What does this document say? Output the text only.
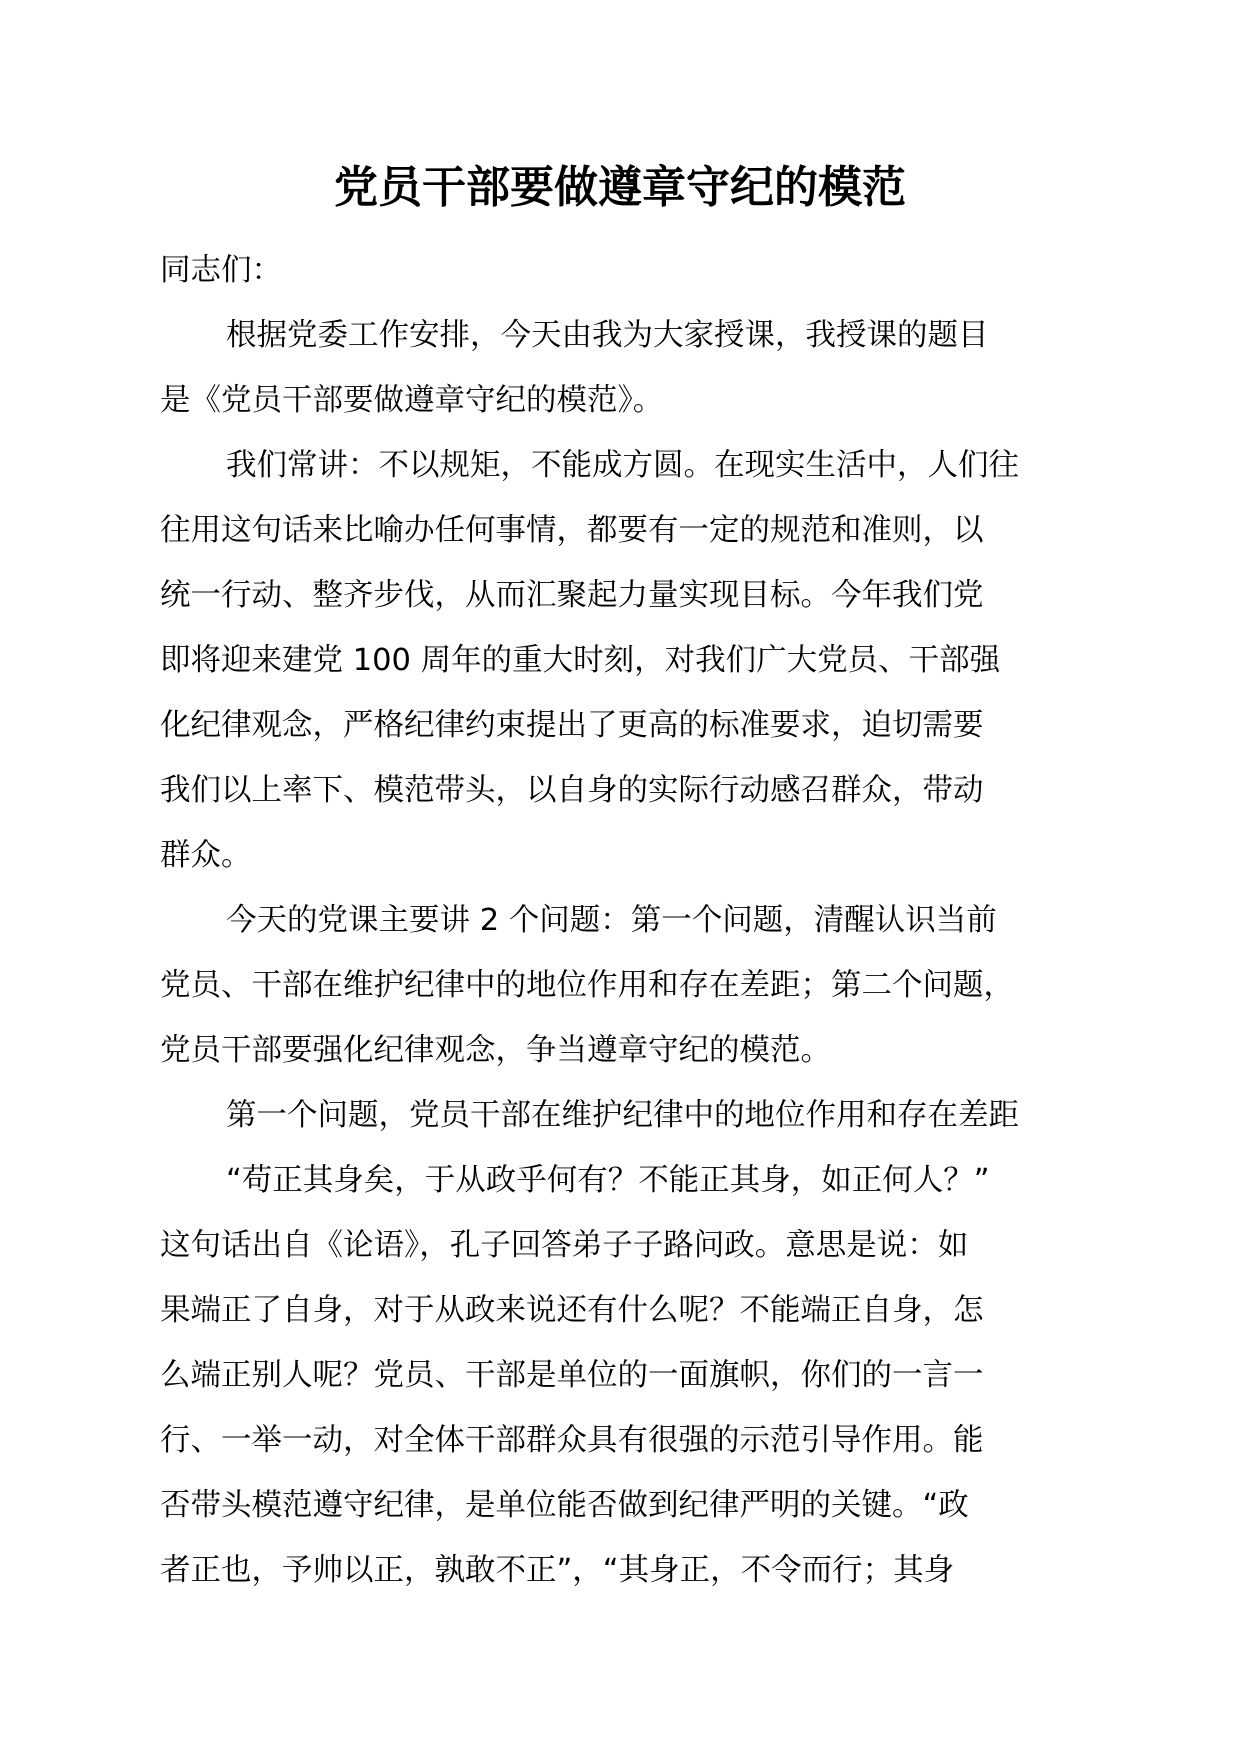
党员干部要做遵章守纪的模范
同志们：
根据党委工作安排，今天由我为大家授课，我授课的题目
是《党员干部要做遵章守纪的模范》。
我们常讲：不以规矩，不能成方圆。在现实生活中，人们往
往用这句话来比喻办任何事情，都要有一定的规范和准则，以
统一行动、整齐步伐，从而汇聚起力量实现目标。今年我们党
即将迎来建党 100 周年的重大时刻，对我们广大党员、干部强
化纪律观念，严格纪律约束提出了更高的标准要求，迫切需要
我们以上率下、模范带头，以自身的实际行动感召群众，带动
群众。
今天的党课主要讲 2 个问题：第一个问题，清醒认识当前
党员、干部在维护纪律中的地位作用和存在差距；第二个问题，
党员干部要强化纪律观念，争当遵章守纪的模范。
第一个问题，党员干部在维护纪律中的地位作用和存在差距
“苟正其身矣，于从政乎何有？不能正其身，如正何人？”
这句话出自《论语》，孔子回答弟子子路问政。意思是说：如
果端正了自身，对于从政来说还有什么呢？不能端正自身，怎
么端正别人呢？党员、干部是单位的一面旗帜，你们的一言一
行、一举一动，对全体干部群众具有很强的示范引导作用。能
否带头模范遵守纪律，是单位能否做到纪律严明的关键。“政
者正也，予帅以正，孰敢不正”，“其身正，不令而行；其身
